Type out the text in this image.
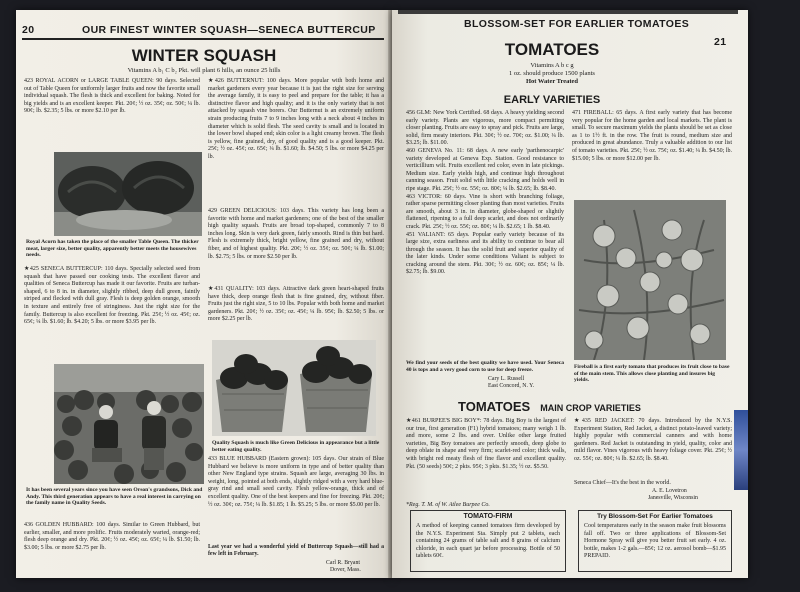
20	OUR FINEST WINTER SQUASH—SENECA BUTTERCUP
WINTER SQUASH
Vitamins A b₁ C b₂ Pkt. will plant 6 hills, an ounce 25 hills
423 ROYAL ACORN or LARGE TABLE QUEEN: 90 days. Selected out of Table Queen for uniformly larger fruits and now the favorite small individual squash. The flesh is thick and excellent for baking. Noted for big yields and is an excellent keeper. Pkt. 20¢; ½ oz. 35¢; oz. 50¢; ¼ lb. 90¢; lb. $2.35; 5 lbs. or more $2.10 per lb.
Royal Acorn has taken the place of the smaller Table Queen. The thicker meat, larger size, better quality, apparently better meets the housewives needs.
★425 SENECA BUTTERCUP: 110 days. Specially selected seed from squash that have passed our cooking tests. The excellent flavor and qualities of Seneca Buttercup has made it our favorite. Fruits are turban-shaped, 6 to 8 in. in diameter, slightly ribbed, deep dull green, faintly striped and flecked with dull gray. Flesh is deep golden orange, smooth in texture and entirely free of stringiness. Just the right size for the family. Buttercup is also excellent for freezing. Pkt. 25¢; ½ oz. 45¢; oz. 65¢; ¼ lb. $1.60; lb. $4.20; 5 lbs. or more $3.95 per lb.
It has been several years since you have seen Orson's grandsons, Dick and Andy. This third generation appears to have a real interest in carrying on the family name in Quality Seeds.
436 GOLDEN HUBBARD: 100 days. Similar to Green Hubbard, but earlier, smaller, and more prolific. Fruits moderately warted, orange-red; flesh deep orange and dry. Pkt. 20¢; ½ oz. 45¢; oz. 65¢; ¼ lb. $1.50; lb. $3.00; 5 lbs. or more $2.75 per lb.
★426 BUTTERNUT: 100 days. More popular with both home and market gardeners every year because it is just the right size for serving the average family, it is easy to peel and prepare for the table; it has a distinctive flavor and high quality; and it is the only variety that is not attacked by squash vine borers. Our Butternut is an extremely uniform strain producing fruits 7 to 9 inches long with a neck about 4 inches in diameter which is solid flesh. The seed cavity is small and is located in the lower bowl shaped end; skin color is a light creamy brown. The flesh is yellow, fine grained, dry, of good quality and is a good keeper. Pkt. 25¢; ½ oz. 45¢; oz. 65¢; ¼ lb. $1.60; lb. $4.50; 5 lbs. or more $4.25 per lb.
429 GREEN DELICIOUS: 103 days. This variety has long been a favorite with home and market gardeners; one of the best of the smaller high quality squash. Fruits are broad top-shaped, commonly 7 to 8 inches long. Skin is very dark green, fairly smooth. Rind is thin but hard. Flesh is extremely thick, bright yellow, fine grained and dry, without fiber, and of highest quality. Pkt. 20¢; ½ oz. 35¢; oz. 50¢; ¼ lb. $1.00; lb. $2.75; 5 lbs. or more $2.50 per lb.
★431 QUALITY: 103 days. Attractive dark green heart-shaped fruits have thick, deep orange flesh that is fine grained, dry, without fiber. Fruits just the right size, 5 to 10 lbs. Popular with both home and market gardeners. Pkt. 20¢; ½ oz. 35¢; oz. 45¢; ¼ lb. 95¢; lb. $2.50; 5 lbs. or more $2.25 per lb.
Quality Squash is much like Green Delicious in appearance but a little better eating quality.
433 BLUE HUBBARD (Eastern grown): 105 days. Our strain of Blue Hubbard we believe is more uniform in type and of better quality than other New England type strains. Squash are large, averaging 30 lbs. in weight, long, pointed at both ends, slightly ridged with a very hard blue-gray rind and small seed cavity. Flesh yellow-orange, thick and of excellent quality. One of the best keepers and fine for freezing. Pkt. 20¢; ½ oz. 30¢; oz. 75¢; ¼ lb. $1.85; 1 lb. $5.25; 5 lbs. or more $5.00 per lb.
Last year we had a wonderful yield of Buttercup Squash—still had a few left in February.
Carl R. Bryant
Dover, Mass.
BLOSSOM-SET FOR EARLIER TOMATOES
21
TOMATOES
Vitamins A b c g
1 oz. should produce 1500 plants
Hot Water Treated
EARLY VARIETIES
456 GLM: New York Certified. 68 days. A heavy yielding second early variety. Plants are vigorous, more compact permitting closer planting. Fruits are easy to spray and pick. Fruits are large, solid, firm meaty interiors. Pkt. 30¢; ½ oz. 70¢; oz. $1.00; ¼ lb. $3.25; lb. $11.00.
460 GENEVA No. 11: 68 days. A new early 'parthenocarpic' variety developed at Geneva Exp. Station. Good resistance to verticillium wilt. Fruits excellent red color, even in late pickings. Medium size. Early yields high, and continue high throughout canning season. Fruit solid with little cracking and holds well in ripe stage. Pkt. 25¢; ½ oz. 55¢; oz. 80¢; ¼ lb. $2.65; lb. $8.40.
463 VICTOR: 60 days. Vine is short with branching foliage, rather sparse permitting closer planting than most varieties. Fruits are smooth, about 3 in. in diameter, globe-shaped or slightly flattened, ripening to a full deep scarlet, and does not ordinarily crack. Pkt. 25¢; ½ oz. 55¢; oz. 80¢; ¼ lb. $2.65; 1 lb. $8.40.
451 VALIANT: 65 days. Popular early variety because of its large size, extra earliness and its ability to continue to bear all through the season. It has the solid fruit and superior quality of the later kinds. Under some conditions Valiant is subject to cracking around the stem. Pkt. 30¢; ½ oz. 60¢; oz. 85¢; ¼ lb. $2.75; lb. $9.00.
We find your seeds of the best quality we have used. Your Seneca 40 is tops and a very good corn to use for deep freeze.
Cary L. Russell
East Concord, N. Y.
471 FIREBALL: 65 days. A first early variety that has become very popular for the home garden and local markets. The plant is small. To secure maximum yields the plants should be set as close as 1 to 1½ ft. in the row. The fruit is round, medium size and produced in great abundance. Truly a valuable addition to our list of tomato varieties. Pkt. 25¢; ½ oz. 75¢; oz. $1.40; ¼ lb. $4.50; lb. $15.00; 5 lbs. or more $12.00 per lb.
Fireball is a first early tomato that produces its fruit close to base of the main stem. This allows close planting and insures big yields.
TOMATOES MAIN CROP VARIETIES
★461 BURPEE'S BIG BOY*: 78 days. Big Boy is the largest of our true, first generation (F1) hybrid tomatoes; many weigh 1 lb. and more, some 2 lbs. and over. Unlike other large fruited varieties, Big Boy tomatoes are perfectly smooth, deep globe to deep oblate in shape and very firm; scarlet-red color; thick walls, with bright red meaty flesh of fine flavor and excellent quality. Pkt. (50 seeds) 50¢; 2 pkts. 95¢; 3 pkts. $1.35; ½ oz. $5.50.
*Reg. T. M. of W. Atlee Burpee Co.
★435 RED JACKET: 70 days. Introduced by the N.Y.S. Experiment Station, Red Jacket, a distinct potato-leaved variety; highly popular with commercial canners and with home gardeners. Red Jacket is outstanding in yield, quality, color and mild flavor. Vines vigorous with heavy foliage cover. Pkt. 25¢; ½ oz. 55¢; oz. 80¢; ¼ lb. $2.65; lb. $8.40.
Seneca Chief—It's the best in the world.
A. E. Lovetron
Janesville, Wisconsin
TOMATO-FIRM
A method of keeping canned tomatoes firm developed by the N.Y.S. Experiment Sta. Simply put 2 tablets, each containing 24 grams of table salt and 8 grains of calcium chloride, in each quart jar before processing. Bottle of 50 tablets 60¢.
Try Blossom-Set For Earlier Tomatoes
Cool temperatures early in the season make fruit blossoms fall off. Two or three applications of Blossom-Set Hormone Spray will give you better fruit set early. 4 oz. bottle, makes 1-2 gals.—85¢; 12 oz. aerosol bomb—$1.95 PREPAID.
